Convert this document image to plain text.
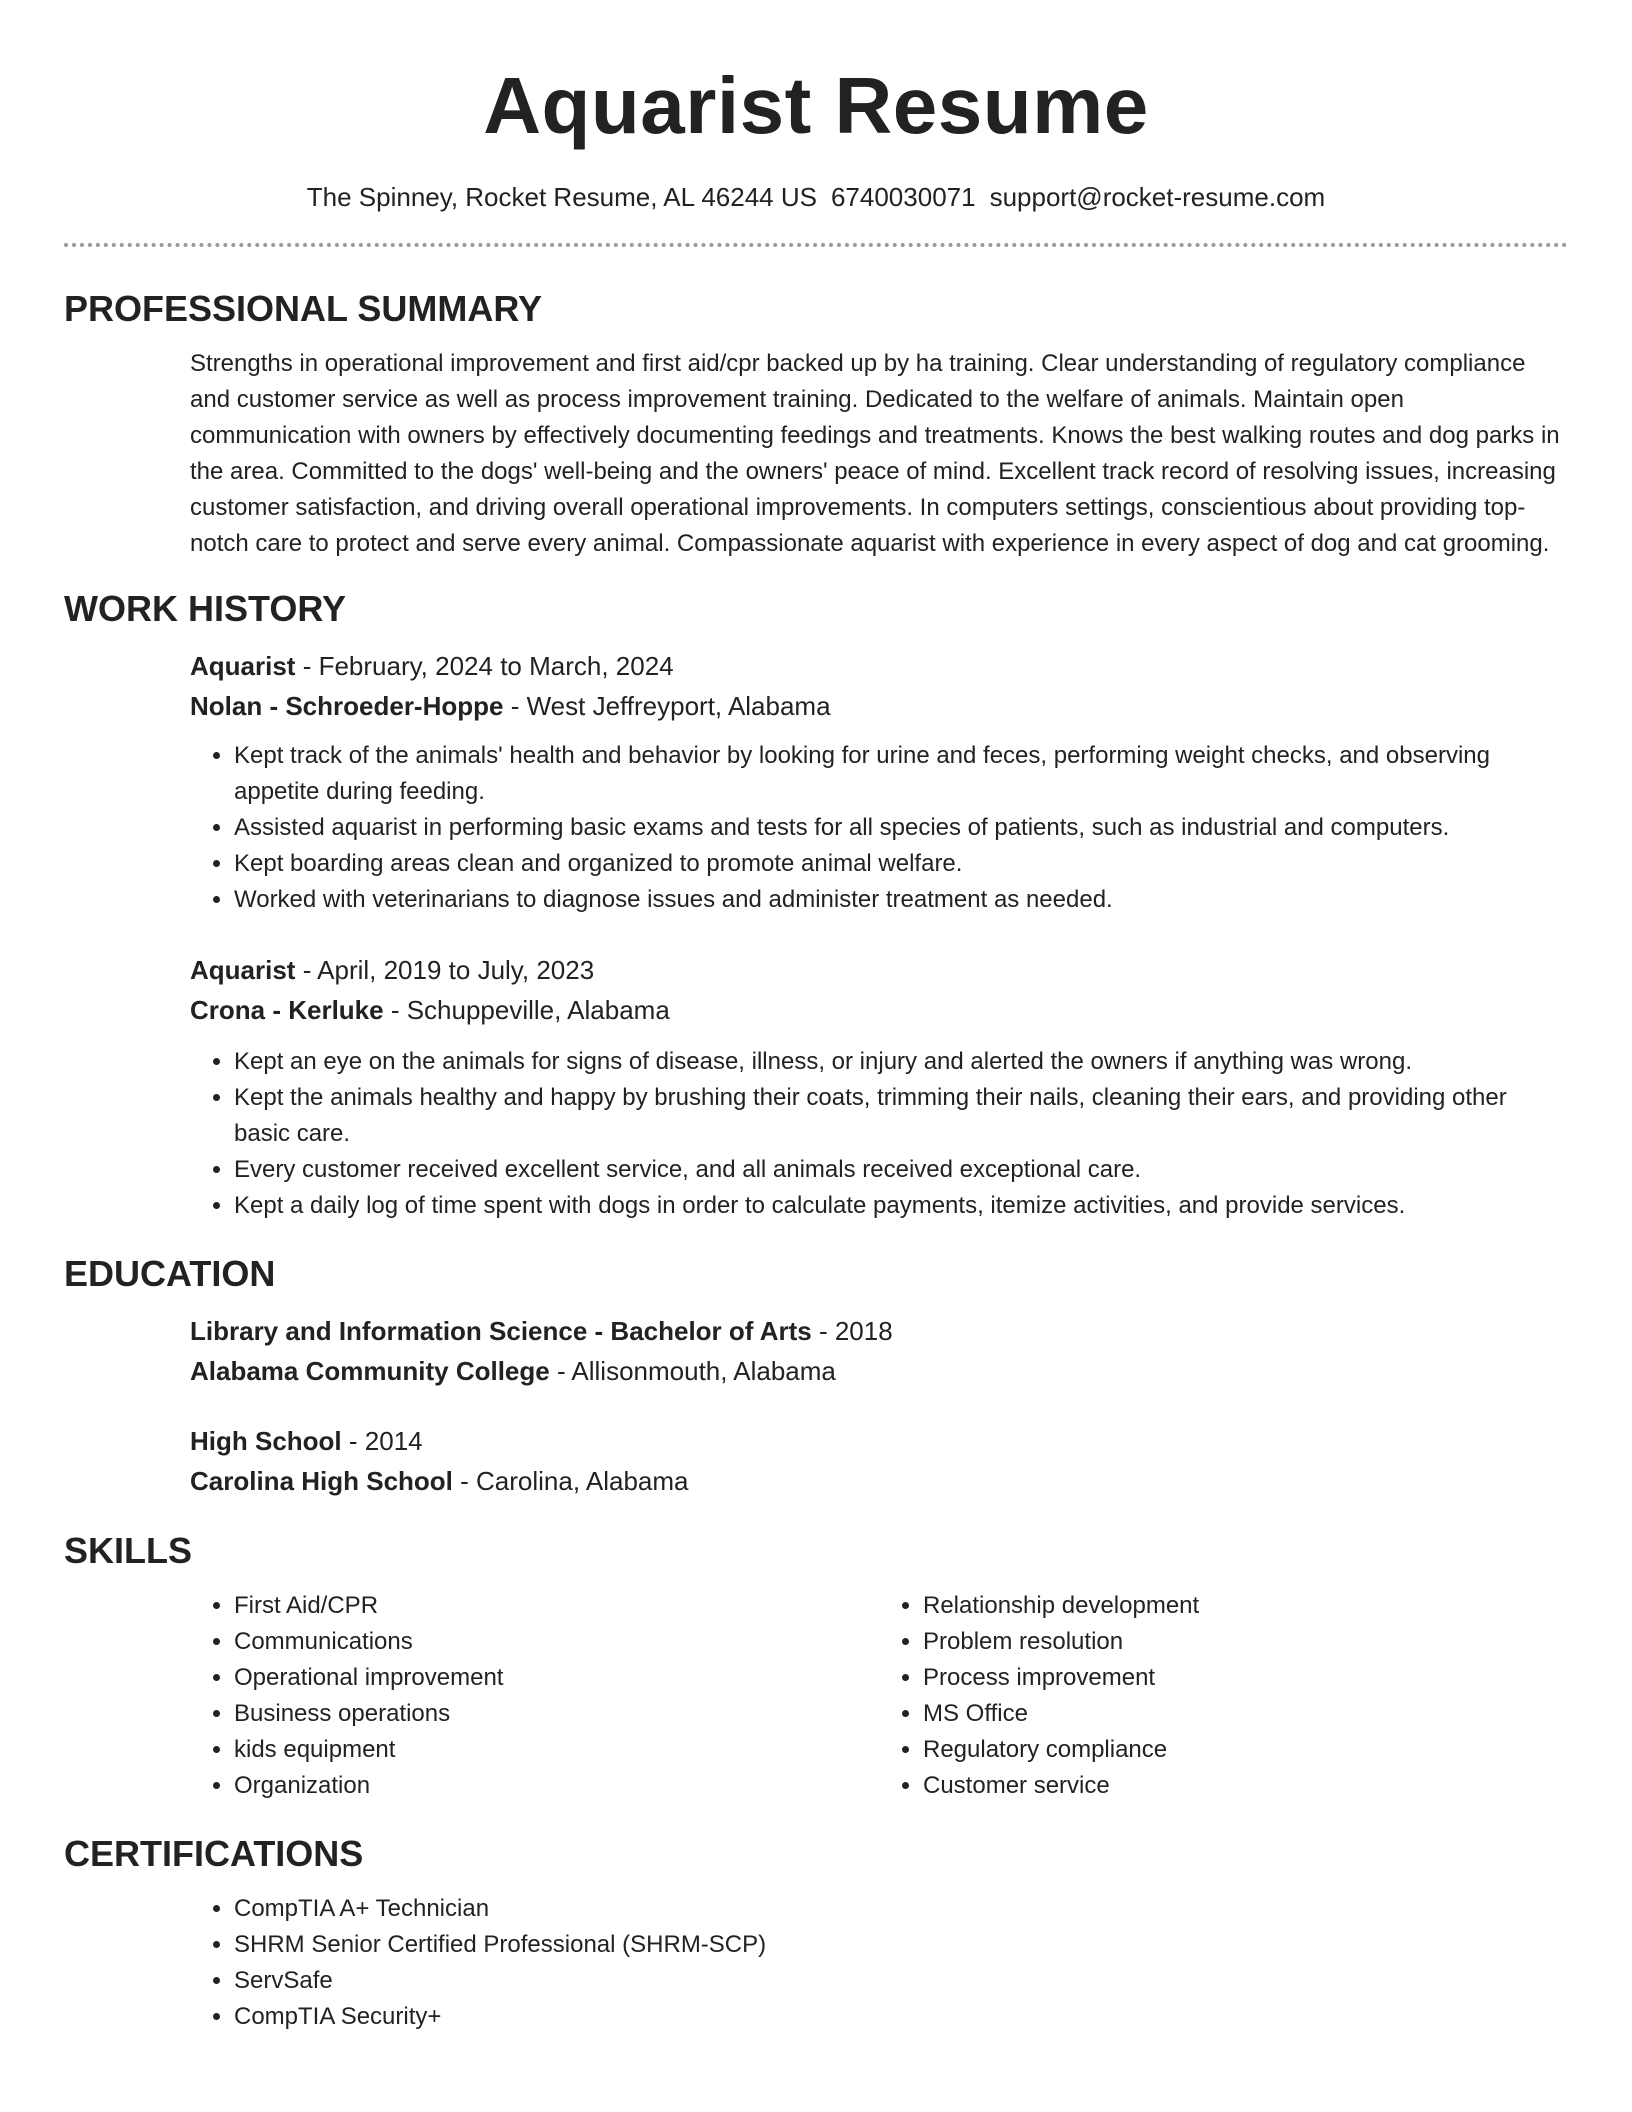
Aquarist Resume
The Spinney, Rocket Resume, AL 46244 US 6740030071 support@rocket-resume.com
PROFESSIONAL SUMMARY

Strengths in operational improvement and first aid/cpr backed up by ha training. Clear understanding of regulatory compliance and customer service as well as process improvement training. Dedicated to the welfare of animals. Maintain open communication with owners by effectively documenting feedings and treatments. Knows the best walking routes and dog parks in the area. Committed to the dogs' well-being and the owners' peace of mind. Excellent track record of resolving issues, increasing customer satisfaction, and driving overall operational improvements. In computers settings, conscientious about providing top-notch care to protect and serve every animal. Compassionate aquarist with experience in every aspect of dog and cat grooming.

WORK HISTORY
Aquarist - February, 2024 to March, 2024
Nolan - Schroeder-Hoppe - West Jeffreyport, Alabama
• Kept track of the animals' health and behavior by looking for urine and feces, performing weight checks, and observing appetite during feeding.
• Assisted aquarist in performing basic exams and tests for all species of patients, such as industrial and computers.
• Kept boarding areas clean and organized to promote animal welfare.
• Worked with veterinarians to diagnose issues and administer treatment as needed.
Aquarist - April, 2019 to July, 2023
Crona - Kerluke - Schuppeville, Alabama
• Kept an eye on the animals for signs of disease, illness, or injury and alerted the owners if anything was wrong.
• Kept the animals healthy and happy by brushing their coats, trimming their nails, cleaning their ears, and providing other basic care.
• Every customer received excellent service, and all animals received exceptional care.
• Kept a daily log of time spent with dogs in order to calculate payments, itemize activities, and provide services.
EDUCATION
Library and Information Science - Bachelor of Arts - 2018
Alabama Community College - Allisonmouth, Alabama
High School - 2014
Carolina High School - Carolina, Alabama
SKILLS
• First Aid/CPR
• Communications
• Operational improvement
• Business operations
• kids equipment
• Organization
• Relationship development
• Problem resolution
• Process improvement
• MS Office
• Regulatory compliance
• Customer service
CERTIFICATIONS
• CompTIA A+ Technician
• SHRM Senior Certified Professional (SHRM-SCP)
• ServSafe
• CompTIA Security+
